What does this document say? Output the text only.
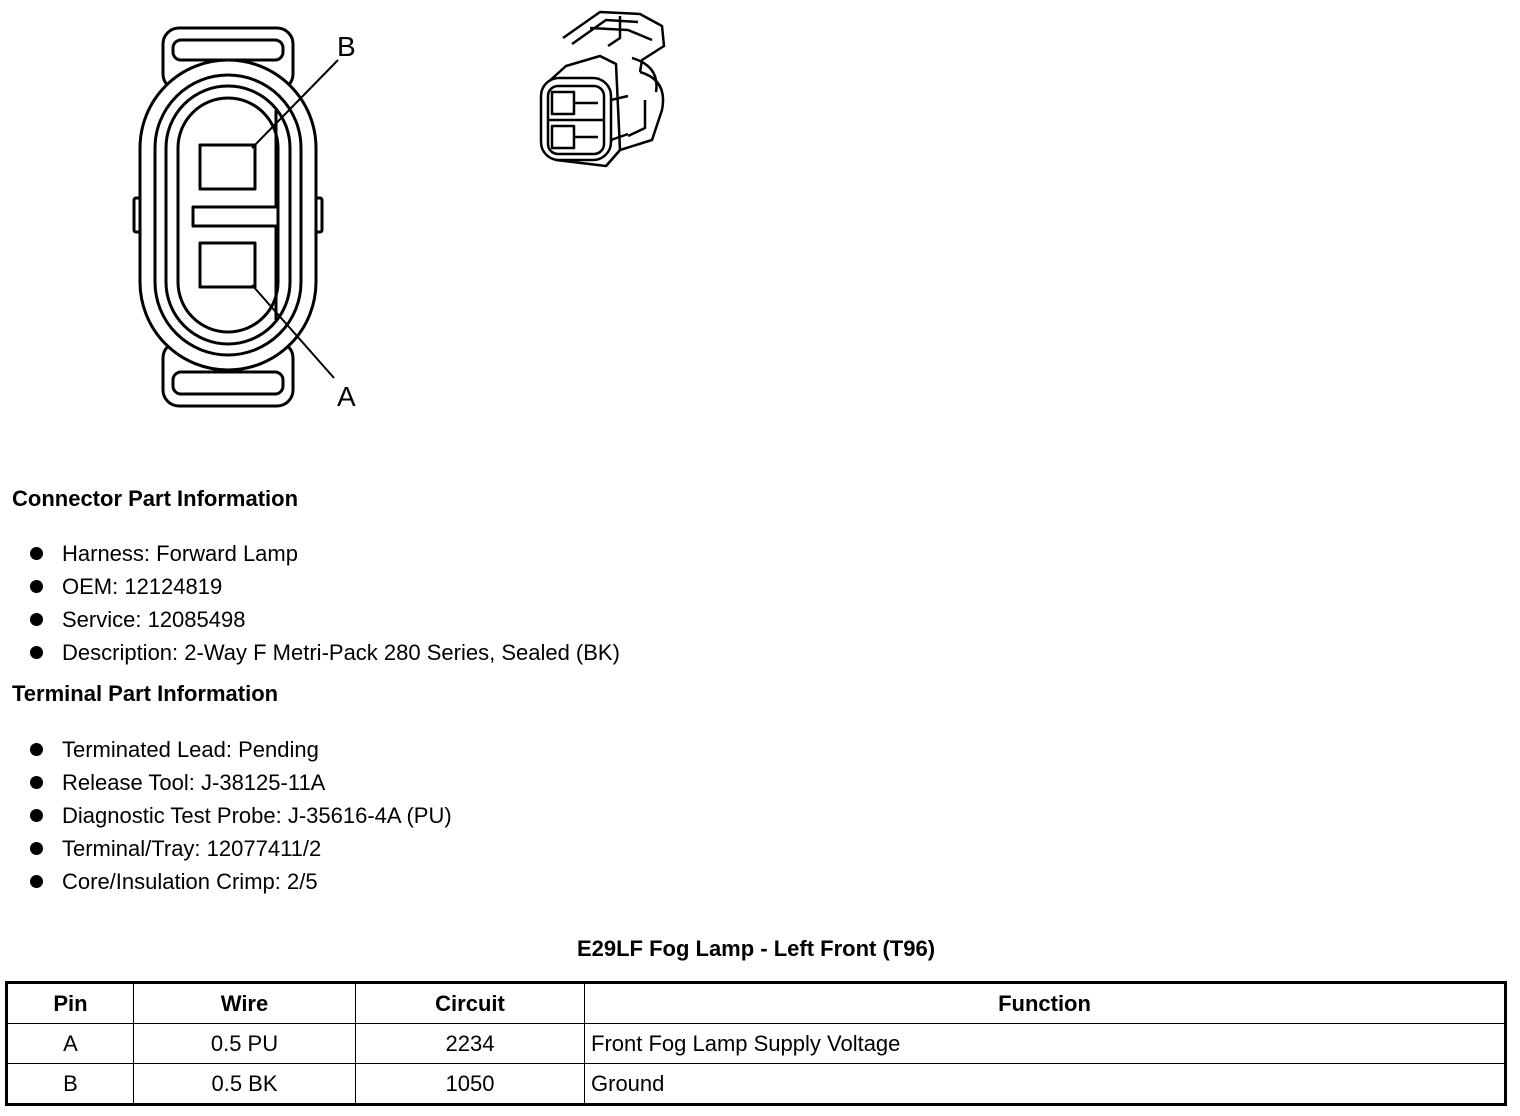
B
A
Connector Part Information
Harness: Forward Lamp
OEM: 12124819
Service: 12085498
Description: 2-Way F Metri-Pack 280 Series, Sealed (BK)
Terminal Part Information
Terminated Lead: Pending
Release Tool: J-38125-11A
Diagnostic Test Probe: J-35616-4A (PU)
Terminal/Tray: 12077411/2
Core/Insulation Crimp: 2/5
E29LF Fog Lamp - Left Front (T96)
Pin	Wire	Circuit	Function
A	0.5 PU	2234	Front Fog Lamp Supply Voltage
B	0.5 BK	1050	Ground
